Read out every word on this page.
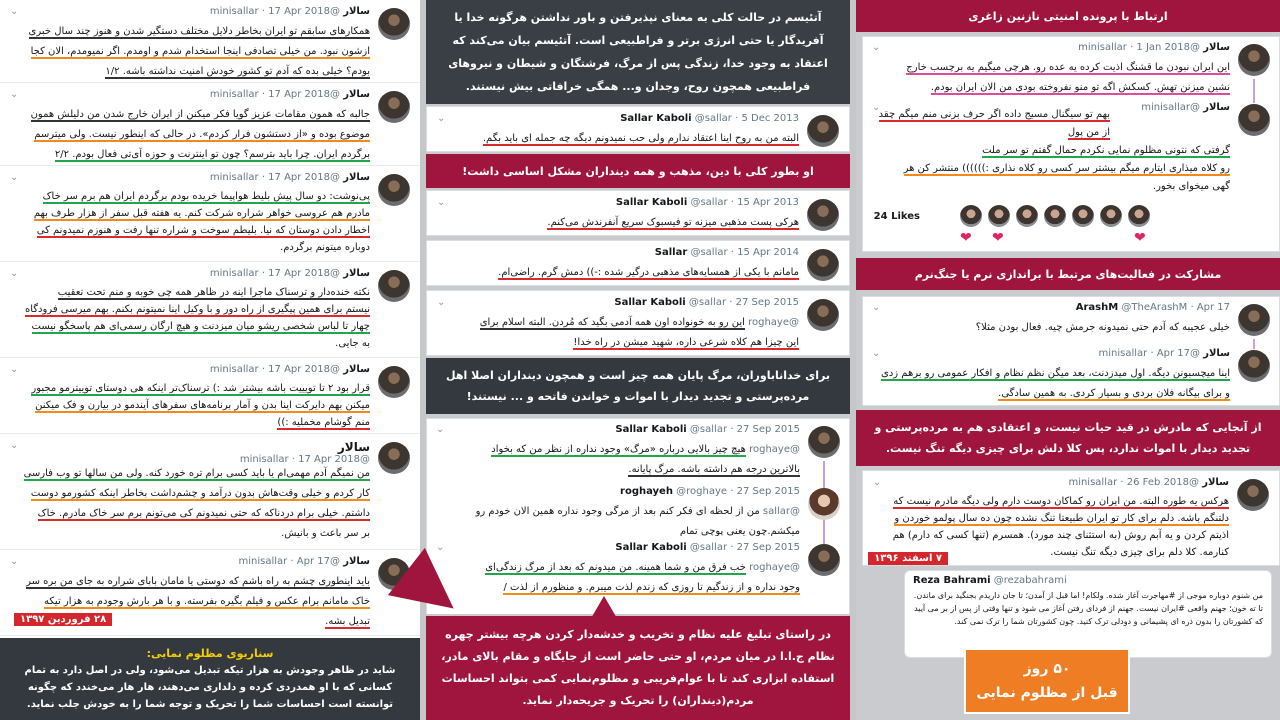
سالار @minisallar · 17 Apr 2018
⌄
همکارهای سابقم تو ایران بخاطر دلایل مختلف دستگیر شدن و هنوز چند سال خبری
ازشون نبود. من خیلی تصادفی اینجا استخدام شدم و اومدم. اگر نمیومدم، الان کجا
بودم؟ خیلی بده که آدم تو کشور خودش امنیت نداشته باشه. ۱/۲
سالار @minisallar · 17 Apr 2018
⌄
جالبه که همون مقامات عزیز گویا فکر میکنن از ایران خارج شدن من دلیلش همون
موضوع بوده و «از دستشون فرار کردم». در حالی که اینطور نیست. ولی میترسم
برگردم ایران. چرا باید بترسم؟ چون تو اینترنت و حوزه آی‌تی فعال بودم. ۲/۲
سالار @minisallar · 17 Apr 2018
⌄
پی‌نوشت: دو سال پیش بلیط هواپیما خریده بودم برگردم ایران هم برم سر خاک
مادرم هم عروسی خواهر شراره شرکت کنم. یه هفته قبل سفر از هزار طرف بهم
اخطار دادن دوستان که نیا. بلیطم سوخت و شراره تنها رفت و هنوزم نمیدونم کی
دوباره میتونم برگردم.
سالار @minisallar · 17 Apr 2018
⌄
نکته خنده‌دار و ترسناک ماجرا اینه در ظاهر همه چی خوبه و منم تحت تعقیب
نیستم برای همین پیگیری از راه دور و با وکیل اینا نمیتونم بکنم. بهم میرسی فرودگاه
چهار تا لباس شخصی ریشو میان میزدنت و هیچ ارگان رسمی‌ای هم پاسخگو نیست
به جایی.
سالار @minisallar · 17 Apr 2018
⌄
قرار بود ۲ تا تویییت باشه بیشتر شد :) ترسناک‌تر اینکه هی دوستای توییترمو مجبور
میکنن بهم دایرکت اینا بدن و آمار برنامه‌های سفرهای آیندمو در بیارن و فک میکنن
منم گوشام مخملیه :))
سالار
@minisallar · 17 Apr 2018
⌄
من نمیگم آدم مهمی‌ام یا باید کسی برام تره خورد کنه. ولی من سالها تو وب فارسی
کار کردم و خیلی وقت‌هاش بدون درآمد و چشم‌داشت بخاطر اینکه کشورمو دوست
داشتم. خیلی برام دردناکه که حتی نمیدونم کی می‌تونم برم سر خاک مادرم. خاک
بر سر باعث و بانیش.
سالار @minisallar · Apr 17
⌄
باید اینطوری چشم به راه باشم که دوستی یا مامان بابای شراره به جای من بره سر
خاک مامانم برام عکس و فیلم بگیره بفرسته. و با هر بارش وجودم به هزار تیکه
تبدیل بشه.
۲۸ فروردین ۱۳۹۷
سناریوی مظلوم نمایی:
شاید در ظاهر وجودش به هزار تیکه تبدیل می‌شود، ولی در اصل دارد به تمام کسانی که با او همدردی کرده و دلداری می‌دهند، هار هار می‌خندد که چگونه توانسته است احساسات شما را تحریک و توجه شما را به خودش جلب نماید.
آتئیسم در حالت کلی به معنای نپذیرفتن و باور نداشتن هرگونه خدا یا آفریدگار یا حتی انرژی برتر و فراطبیعی است. آتئیسم بیان می‌کند که اعتقاد به وجود خدا، زندگی پس از مرگ، فرشتگان و شیطان و نیروهای فراطبیعی همچون روح، وجدان و... همگی خرافاتی بیش نیستند.
Sallar Kaboli @sallar · 5 Dec 2013
⌄
البته من به روح اینا اعتقاد ندارم ولی حب نمیدونم دیگه چه جمله ای باید بگم.
او بطور کلی با دین، مذهب و همه دینداران مشکل اساسی داشت!
Sallar Kaboli @sallar · 15 Apr 2013
⌄
هرکی پست مذهبی میزنه تو فیسبوک سریع آنفرندش می‌کنم.
Sallar @sallar · 15 Apr 2014
مامانم با یکی از همسایه‌های مذهبی درگیر شده :-)) دمش گرم. راضی‌ام.
Sallar Kaboli @sallar · 27 Sep 2015
⌄
@roghaye این رو به خونواده اون همه آدمی بگید که مُردن. البته اسلام برای
این چیزا هم کلاه شرعی داره، شهید میشن در راه خدا!
برای خداناباوران، مرگ پایان همه چیز است و همچون دینداران اصلا اهل مرده‌پرستی و تجدید دیدار با اموات و خواندن فاتحه و ... نیستند!
Sallar Kaboli @sallar · 27 Sep 2015
⌄
@roghaye هیچ چیز بالایی درباره «مرگ» وجود نداره از نظر من که بخواد
بالاترین درجه هم داشته باشه. مرگ پایانه.
roghayeh @roghaye · 27 Sep 2015
@sallar من از لحظه ای فکر کنم بعد از مرگی وجود نداره همین الان خودم رو
میکشم.چون یعنی پوچی تمام
Sallar Kaboli @sallar · 27 Sep 2015
⌄
@roghaye خب فرق من و شما همینه. من میدونم که بعد از مرگ زندگی‌ای
وجود نداره و از زندگیم تا روزی که زندم لذت میبرم. و منظورم از لذت /
در راستای تبلیغ علیه نظام و تخریب و خدشه‌دار کردن هرچه بیشتر چهره نظام ج.ا.ا در میان مردم، او حتی حاضر است از جایگاه و مقام بالای مادر، استفاده ابزاری کند تا با عوام‌فریبی و مظلوم‌نمایی کمی بتواند احساسات مردم(دینداران) را تحریک و جریحه‌دار نماید.
ارتباط با پرونده امنیتی نازنین زاغری
سالار @minisallar · 1 Jan 2018
⌄
این ایران نبودن ما قشنگ اذیت کرده یه عده رو. هرچی میگیم یه برچسب خارج
نشین میزنن تهش. کسکش اگه تو منو نفروخته بودی من الان ایران بودم.
سالار @minisallar
⌄
بهم تو سیگنال مسیج داده اگر حرف بزنی منم میگم چقد از من پول
گرفتی که نتونی مظلوم نمایی نکردم حمال گفتم تو سر ملت
رو کلاه میذاری ایتارم میگم بیشتر سر کسی رو کلاه نذاری :)))))) منتشر کن هر
گهی میخوای بخور.
24 Likes
❤ ❤	❤
مشارکت در فعالیت‌های مرتبط با براندازی نرم یا جنگ‌نرم
ArashM @TheArashM · Apr 17
⌄
خیلی عجیبه که آدم حتی نمیدونه جرمش چیه. فعال بودن مثلا؟
سالار @minisallar · Apr 17
⌄
اینا میچسبونن دیگه. اول میدزدنت، بعد میگن نظم نظام و افکار عمومی رو برهم زدی
و برای بیگانه فلان بردی و بسیار کردی. به همین سادگی.
از آنجایی که مادرش در قید حیات نیست، و اعتقادی هم به مرده‌پرستی و تجدید دیدار با اموات ندارد، پس کلا دلش برای چیزی دیگه تنگ نیست.
سالار @minisallar · 26 Feb 2018
⌄
هرکس یه طوره البته. من ایران رو کماکان دوست دارم ولی دیگه مادرم نیست که
دلتنگم باشه. دلم برای کار تو ایران طبیعتا تنگ نشده چون ده سال پولمو خوردن و
اذیتم کردن و یه آبم روش (به استثنای چند مورد). همسرم (تنها کسی که دارم) هم
کنارمه. کلا دلم برای چیزی دیگه تنگ نیست.
۷ اسفند ۱۳۹۶
Reza Bahrami @rezabahrami
من شنوم دوباره موجی از #مهاجرت آغاز شده. ولکام! اما قبل از آمدن؛ تا جان داریدم بجنگید برای ماندن. تا ته خون؛ جهنم واقعی #ایران نیست. جهنم از فردای رفتن آغاز می شود و تنها وقتی از پس از بر می آیید که کشورتان را بدون ذره ای پشیمانی و دودلی ترک کنید. چون کشورتان شما را ترک نمی کند.
۵۰ روز
قبل از مظلوم نمایی
